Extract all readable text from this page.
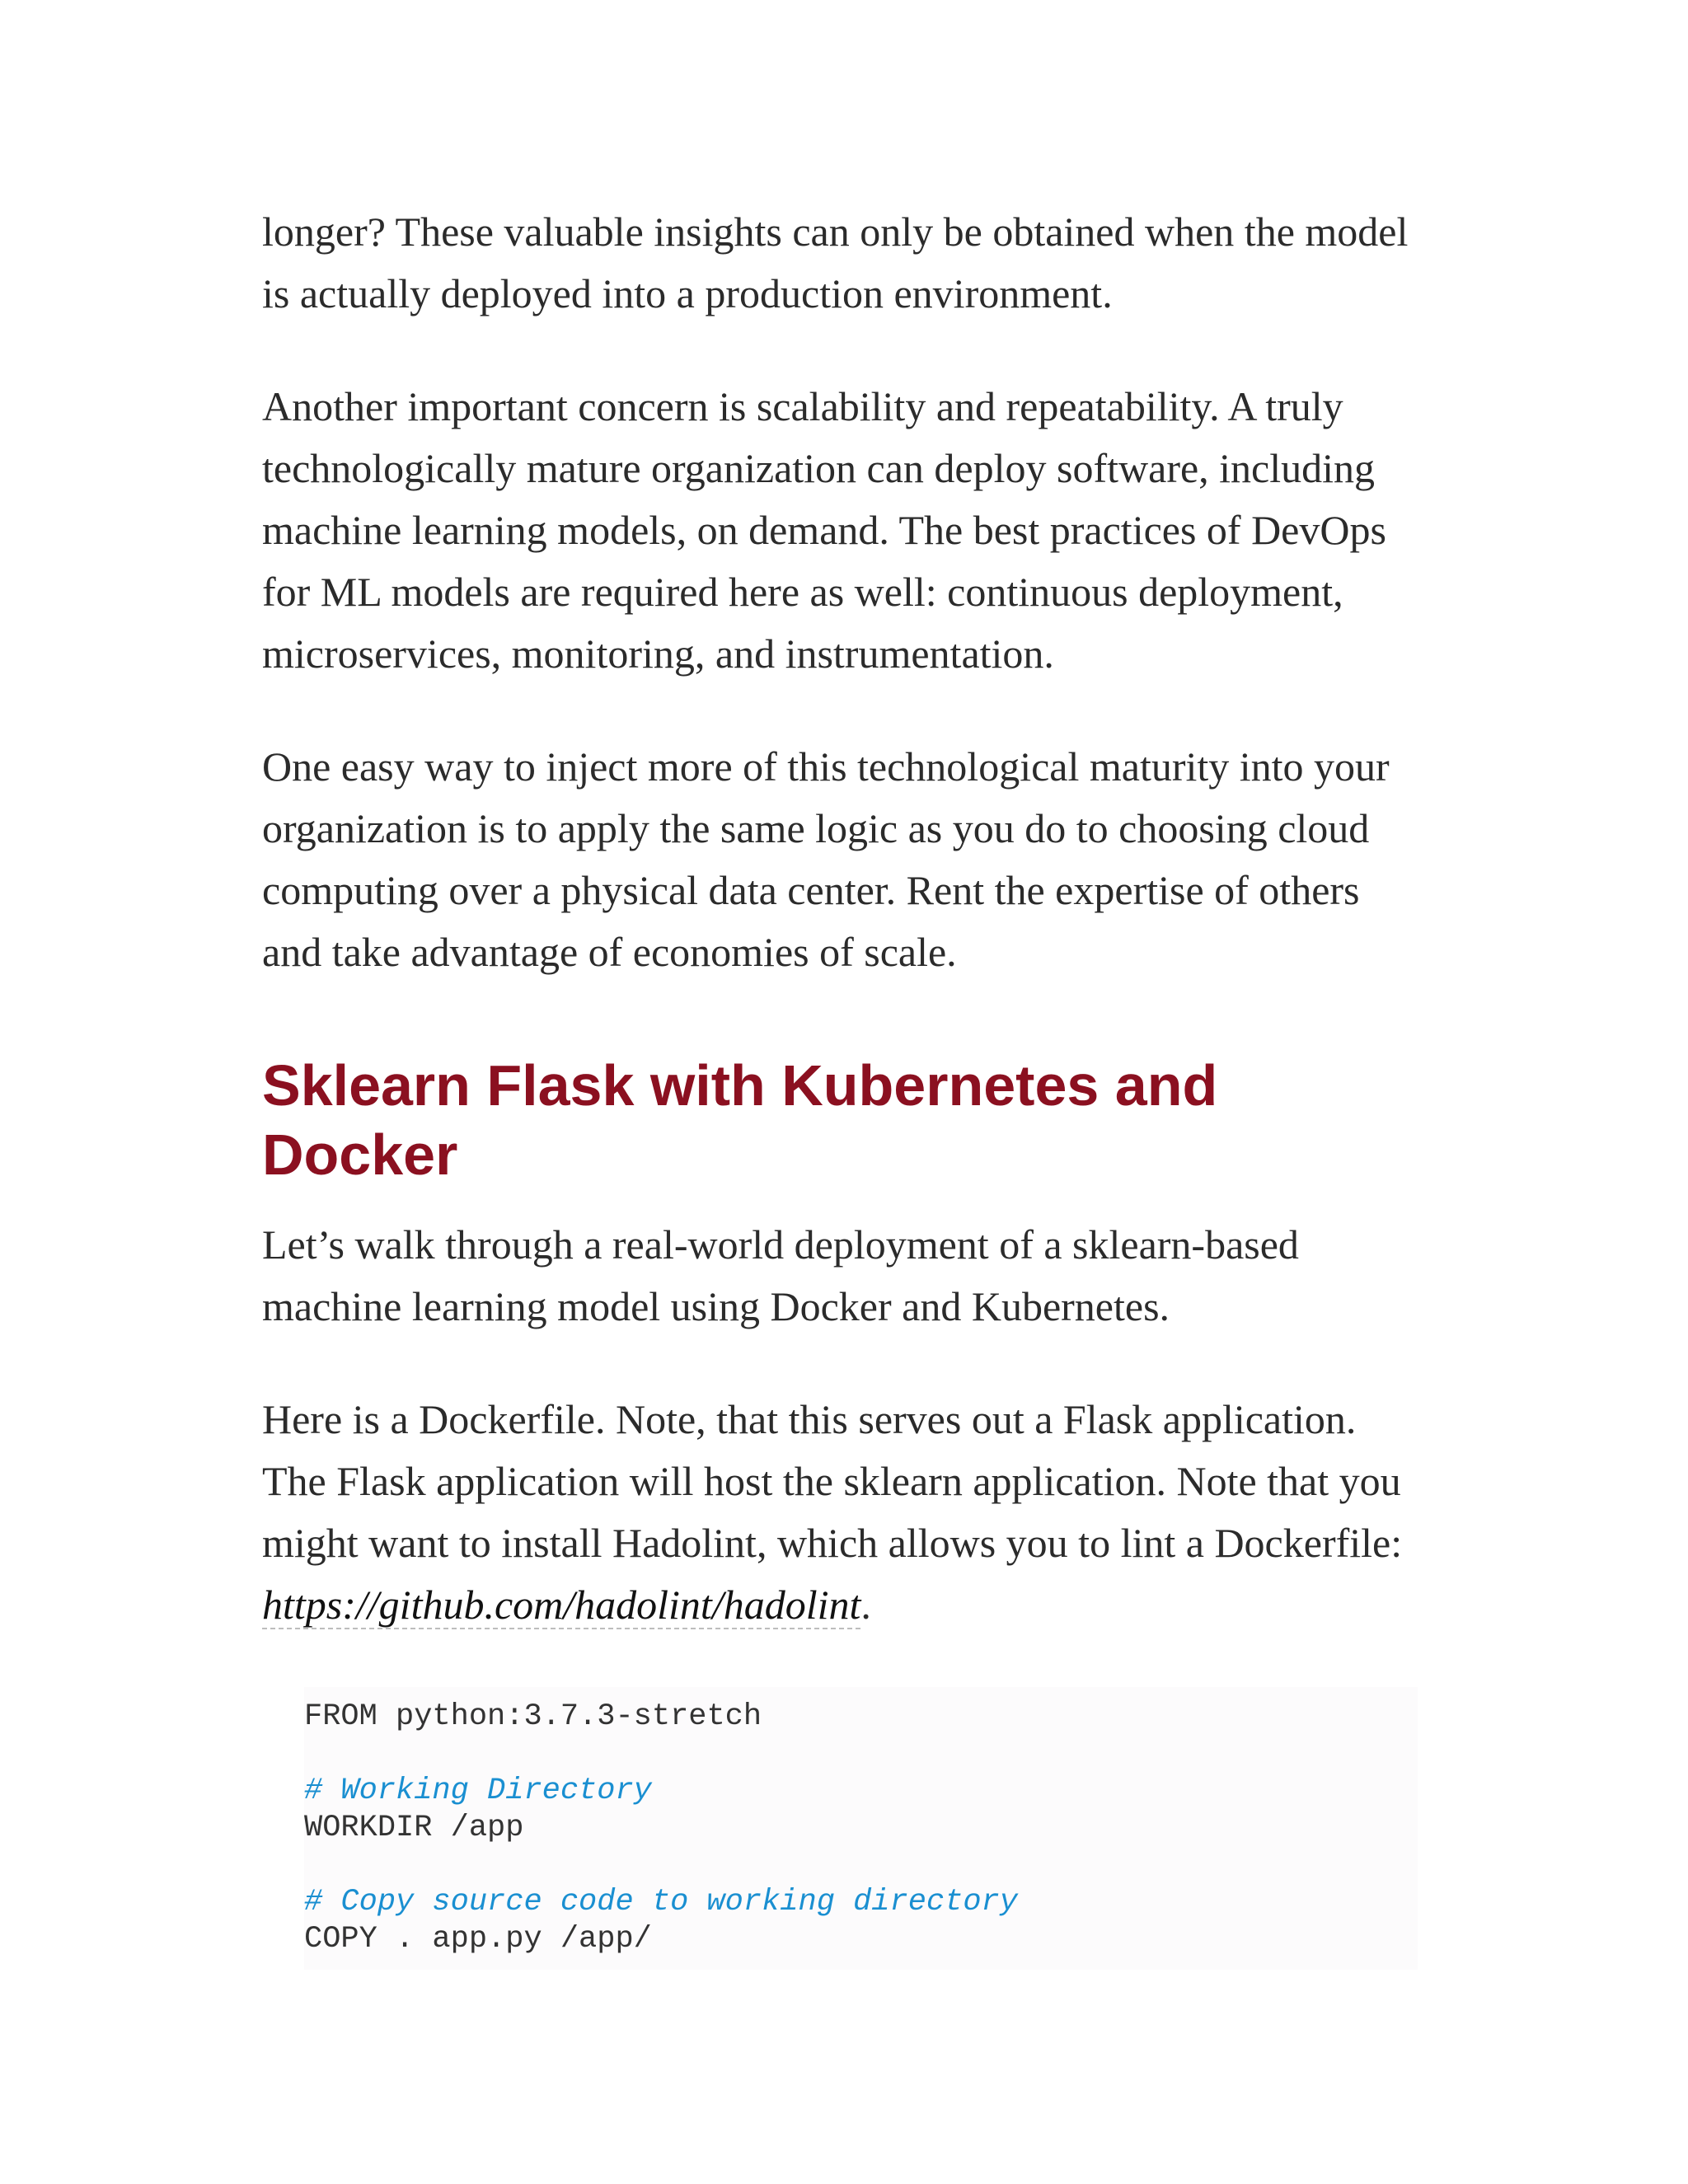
longer? These valuable insights can only be obtained when the model is actually deployed into a production environment.

Another important concern is scalability and repeatability. A truly technologically mature organization can deploy software, including machine learning models, on demand. The best practices of DevOps for ML models are required here as well: continuous deployment, microservices, monitoring, and instrumentation.

One easy way to inject more of this technological maturity into your organization is to apply the same logic as you do to choosing cloud computing over a physical data center. Rent the expertise of others and take advantage of economies of scale.

Sklearn Flask with Kubernetes and Docker

Let’s walk through a real-world deployment of a sklearn-based machine learning model using Docker and Kubernetes.

Here is a Dockerfile. Note, that this serves out a Flask application. The Flask application will host the sklearn application. Note that you might want to install Hadolint, which allows you to lint a Dockerfile: https://github.com/hadolint/hadolint.

FROM python:3.7.3-stretch
# Working Directory
WORKDIR /app
# Copy source code to working directory
COPY . app.py /app/
